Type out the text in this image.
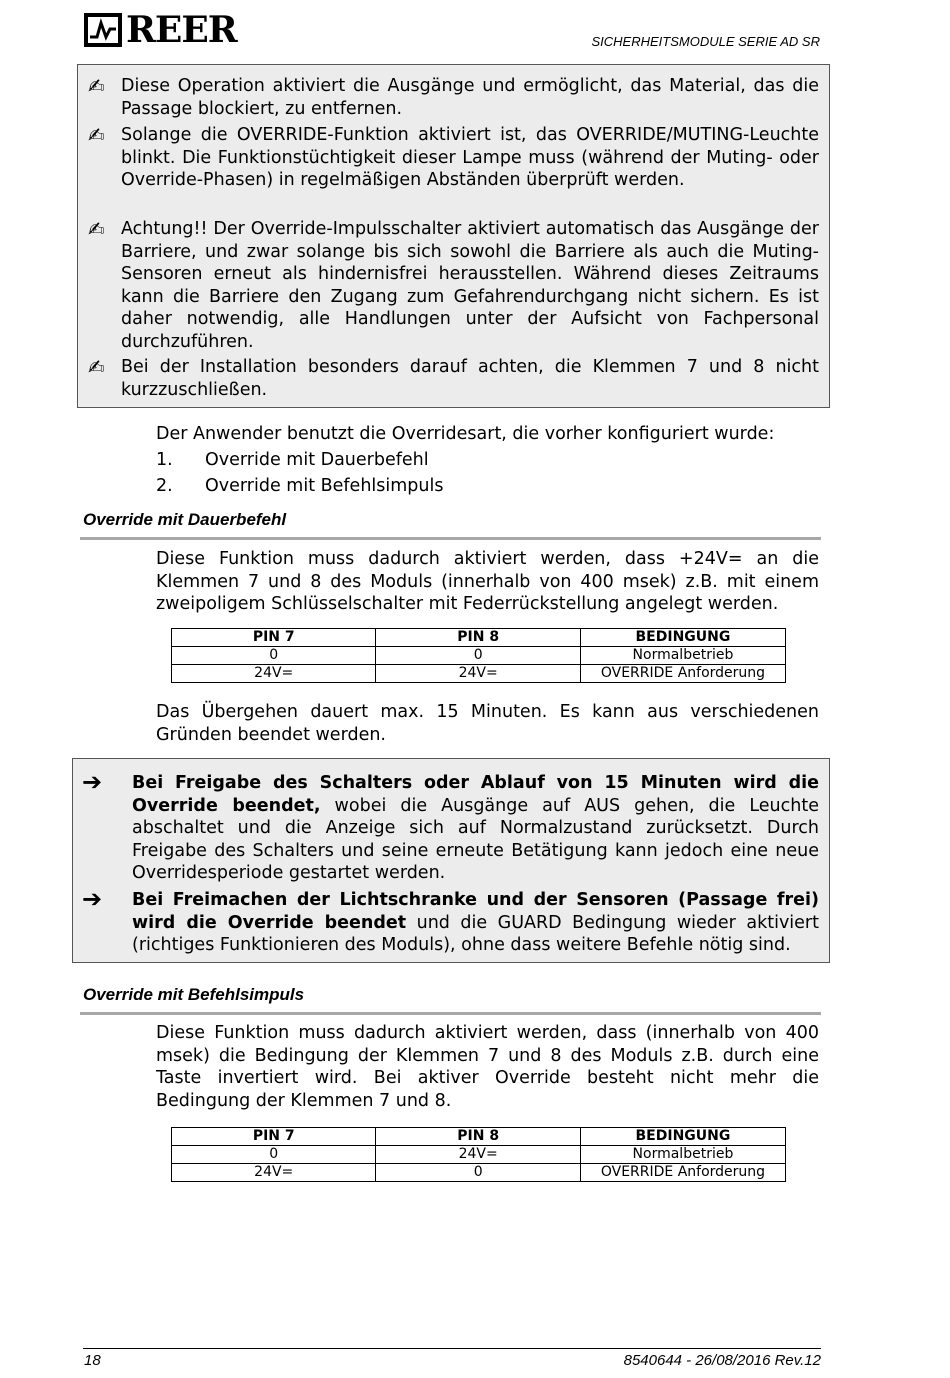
REER	SICHERHEITSMODULE SERIE AD SR
✍ Diese Operation aktiviert die Ausgänge und ermöglicht, das Material, das die Passage blockiert, zu entfernen.
✍ Solange die OVERRIDE-Funktion aktiviert ist, das OVERRIDE/MUTING-Leuchte blinkt. Die Funktionstüchtigkeit dieser Lampe muss (während der Muting- oder Override-Phasen) in regelmäßigen Abständen überprüft werden.
✍ Achtung!! Der Override-Impulsschalter aktiviert automatisch das Ausgänge der Barriere, und zwar solange bis sich sowohl die Barriere als auch die Muting-Sensoren erneut als hindernisfrei herausstellen. Während dieses Zeitraums kann die Barriere den Zugang zum Gefahrendurchgang nicht sichern. Es ist daher notwendig, alle Handlungen unter der Aufsicht von Fachpersonal durchzuführen.
✍ Bei der Installation besonders darauf achten, die Klemmen 7 und 8 nicht kurzzuschließen.
Der Anwender benutzt die Overridesart, die vorher konfiguriert wurde:
1. Override mit Dauerbefehl
2. Override mit Befehlsimpuls
Override mit Dauerbefehl
Diese Funktion muss dadurch aktiviert werden, dass +24V= an die Klemmen 7 und 8 des Moduls (innerhalb von 400 msek) z.B. mit einem zweipoligem Schlüsselschalter mit Federrückstellung angelegt werden.
PIN 7	PIN 8	BEDINGUNG
0	0	Normalbetrieb
24V=	24V=	OVERRIDE Anforderung
Das Übergehen dauert max. 15 Minuten. Es kann aus verschiedenen Gründen beendet werden.
➔ Bei Freigabe des Schalters oder Ablauf von 15 Minuten wird die Override beendet, wobei die Ausgänge auf AUS gehen, die Leuchte abschaltet und die Anzeige sich auf Normalzustand zurücksetzt. Durch Freigabe des Schalters und seine erneute Betätigung kann jedoch eine neue Overridesperiode gestartet werden.
➔ Bei Freimachen der Lichtschranke und der Sensoren (Passage frei) wird die Override beendet und die GUARD Bedingung wieder aktiviert (richtiges Funktionieren des Moduls), ohne dass weitere Befehle nötig sind.
Override mit Befehlsimpuls
Diese Funktion muss dadurch aktiviert werden, dass (innerhalb von 400 msek) die Bedingung der Klemmen 7 und 8 des Moduls z.B. durch eine Taste invertiert wird. Bei aktiver Override besteht nicht mehr die Bedingung der Klemmen 7 und 8.
PIN 7	PIN 8	BEDINGUNG
0	24V=	Normalbetrieb
24V=	0	OVERRIDE Anforderung
18	8540644 - 26/08/2016 Rev.12
